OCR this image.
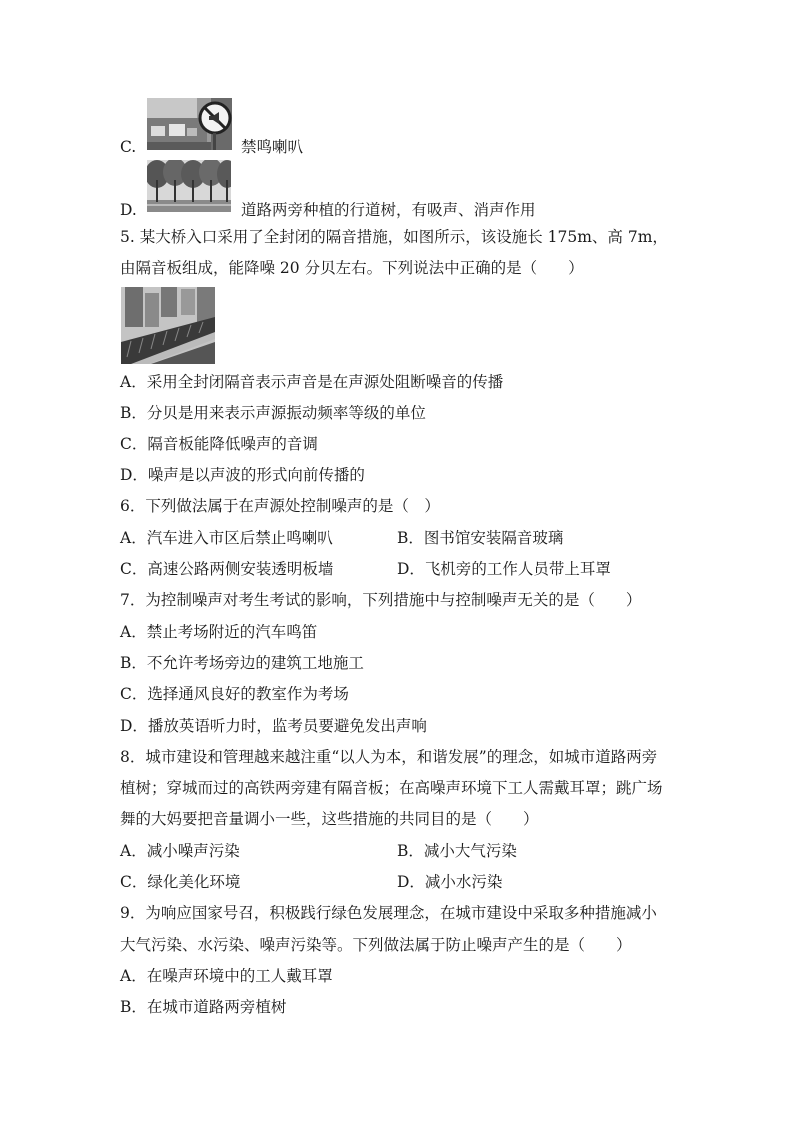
C.	禁鸣喇叭
D.	道路两旁种植的行道树，有吸声、消声作用
5. 某大桥入口采用了全封闭的隔音措施，如图所示，该设施长 175m、高 7m，
由隔音板组成，能降噪 20 分贝左右。下列说法中正确的是（　　）
A．采用全封闭隔音表示声音是在声源处阻断噪音的传播
B．分贝是用来表示声源振动频率等级的单位
C．隔音板能降低噪声的音调
D．噪声是以声波的形式向前传播的
6．下列做法属于在声源处控制噪声的是（　）
A．汽车进入市区后禁止鸣喇叭	B．图书馆安装隔音玻璃
C．高速公路两侧安装透明板墙	D．飞机旁的工作人员带上耳罩
7．为控制噪声对考生考试的影响，下列措施中与控制噪声无关的是（　　）
A．禁止考场附近的汽车鸣笛
B．不允许考场旁边的建筑工地施工
C．选择通风良好的教室作为考场
D．播放英语听力时，监考员要避免发出声响
8．城市建设和管理越来越注重“以人为本，和谐发展”的理念，如城市道路两旁
植树；穿城而过的高铁两旁建有隔音板；在高噪声环境下工人需戴耳罩；跳广场
舞的大妈要把音量调小一些，这些措施的共同目的是（　　）
A．减小噪声污染	B．减小大气污染
C．绿化美化环境	D．减小水污染
9．为响应国家号召，积极践行绿色发展理念，在城市建设中采取多种措施减小
大气污染、水污染、噪声污染等。下列做法属于防止噪声产生的是（　　）
A．在噪声环境中的工人戴耳罩
B．在城市道路两旁植树
